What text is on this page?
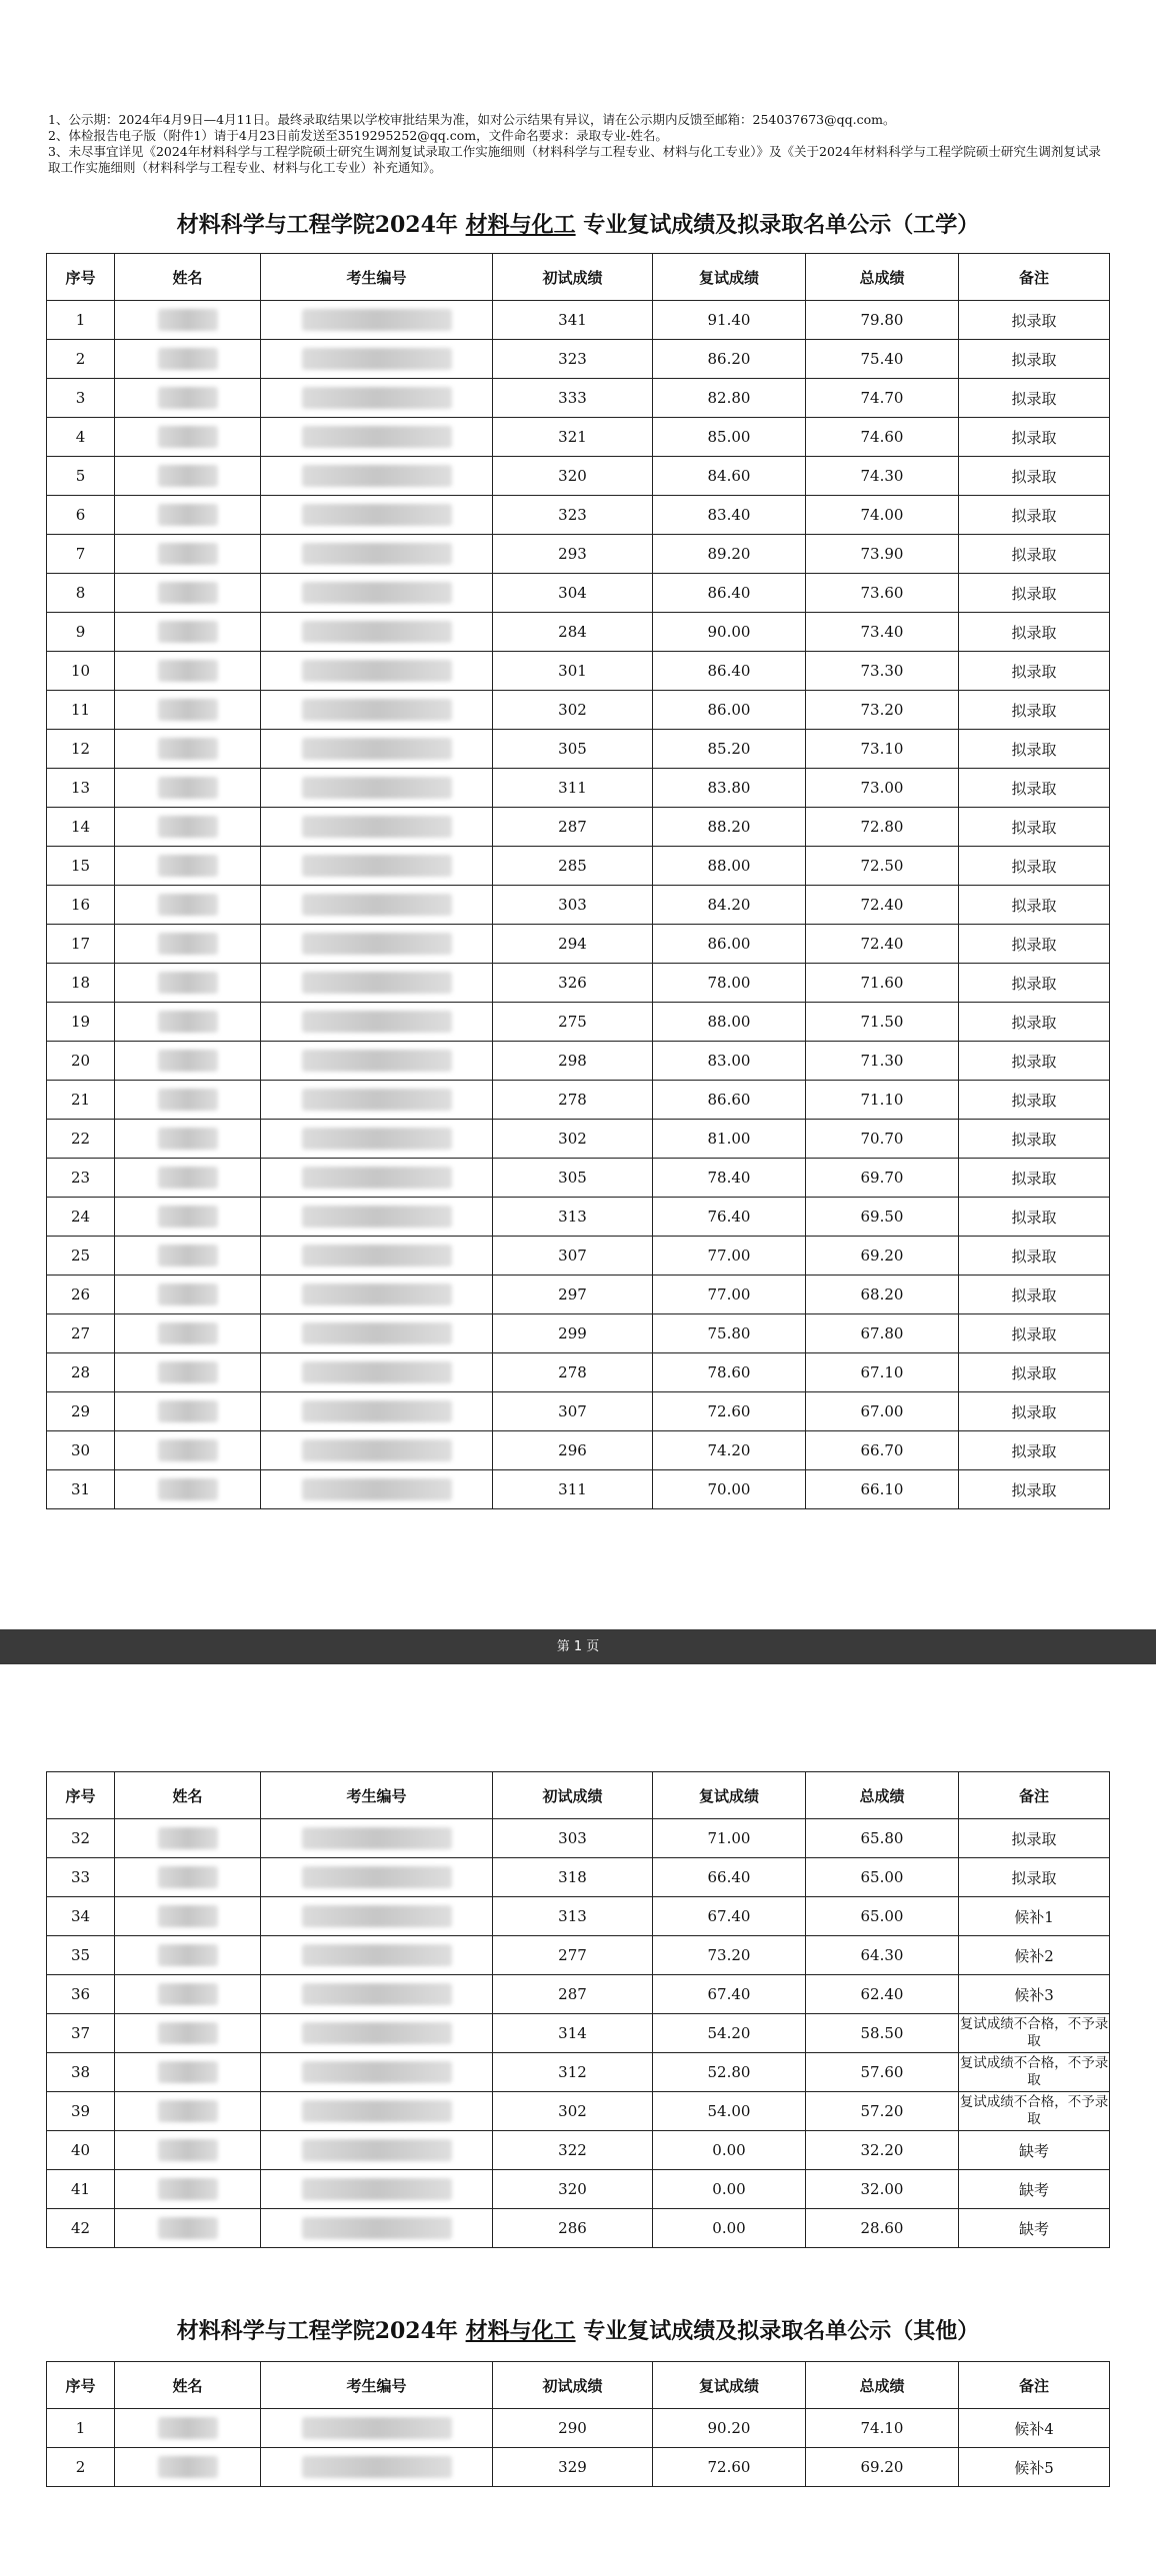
1、公示期：2024年4月9日—4月11日。最终录取结果以学校审批结果为准，如对公示结果有异议，请在公示期内反馈至邮箱：254037673@qq.com。

2、体检报告电子版（附件1）请于4月23日前发送至3519295252@qq.com，文件命名要求：录取专业-姓名。

3、未尽事宜详见《2024年材料科学与工程学院硕士研究生调剂复试录取工作实施细则（材料科学与工程专业、材料与化工专业）》及《关于2024年材料科学与工程学院硕士研究生调剂复试录取工作实施细则（材料科学与工程专业、材料与化工专业）补充通知》。

材料科学与工程学院2024年 材料与化工 专业复试成绩及拟录取名单公示（工学）
序号	姓名	考生编号	初试成绩	复试成绩	总成绩	备注
1			341	91.40	79.80	拟录取
2			323	86.20	75.40	拟录取
3			333	82.80	74.70	拟录取
4			321	85.00	74.60	拟录取
5			320	84.60	74.30	拟录取
6			323	83.40	74.00	拟录取
7			293	89.20	73.90	拟录取
8			304	86.40	73.60	拟录取
9			284	90.00	73.40	拟录取
10			301	86.40	73.30	拟录取
11			302	86.00	73.20	拟录取
12			305	85.20	73.10	拟录取
13			311	83.80	73.00	拟录取
14			287	88.20	72.80	拟录取
15			285	88.00	72.50	拟录取
16			303	84.20	72.40	拟录取
17			294	86.00	72.40	拟录取
18			326	78.00	71.60	拟录取
19			275	88.00	71.50	拟录取
20			298	83.00	71.30	拟录取
21			278	86.60	71.10	拟录取
22			302	81.00	70.70	拟录取
23			305	78.40	69.70	拟录取
24			313	76.40	69.50	拟录取
25			307	77.00	69.20	拟录取
26			297	77.00	68.20	拟录取
27			299	75.80	67.80	拟录取
28			278	78.60	67.10	拟录取
29			307	72.60	67.00	拟录取
30			296	74.20	66.70	拟录取
31			311	70.00	66.10	拟录取
第 1 页
序号	姓名	考生编号	初试成绩	复试成绩	总成绩	备注
32			303	71.00	65.80	拟录取
33			318	66.40	65.00	拟录取
34			313	67.40	65.00	候补1
35			277	73.20	64.30	候补2
36			287	67.40	62.40	候补3
37			314	54.20	58.50	复试成绩不合格，不予录取
38			312	52.80	57.60	复试成绩不合格，不予录取
39			302	54.00	57.20	复试成绩不合格，不予录取
40			322	0.00	32.20	缺考
41			320	0.00	32.00	缺考
42			286	0.00	28.60	缺考
材料科学与工程学院2024年 材料与化工 专业复试成绩及拟录取名单公示（其他）
序号	姓名	考生编号	初试成绩	复试成绩	总成绩	备注
1			290	90.20	74.10	候补4
2			329	72.60	69.20	候补5
